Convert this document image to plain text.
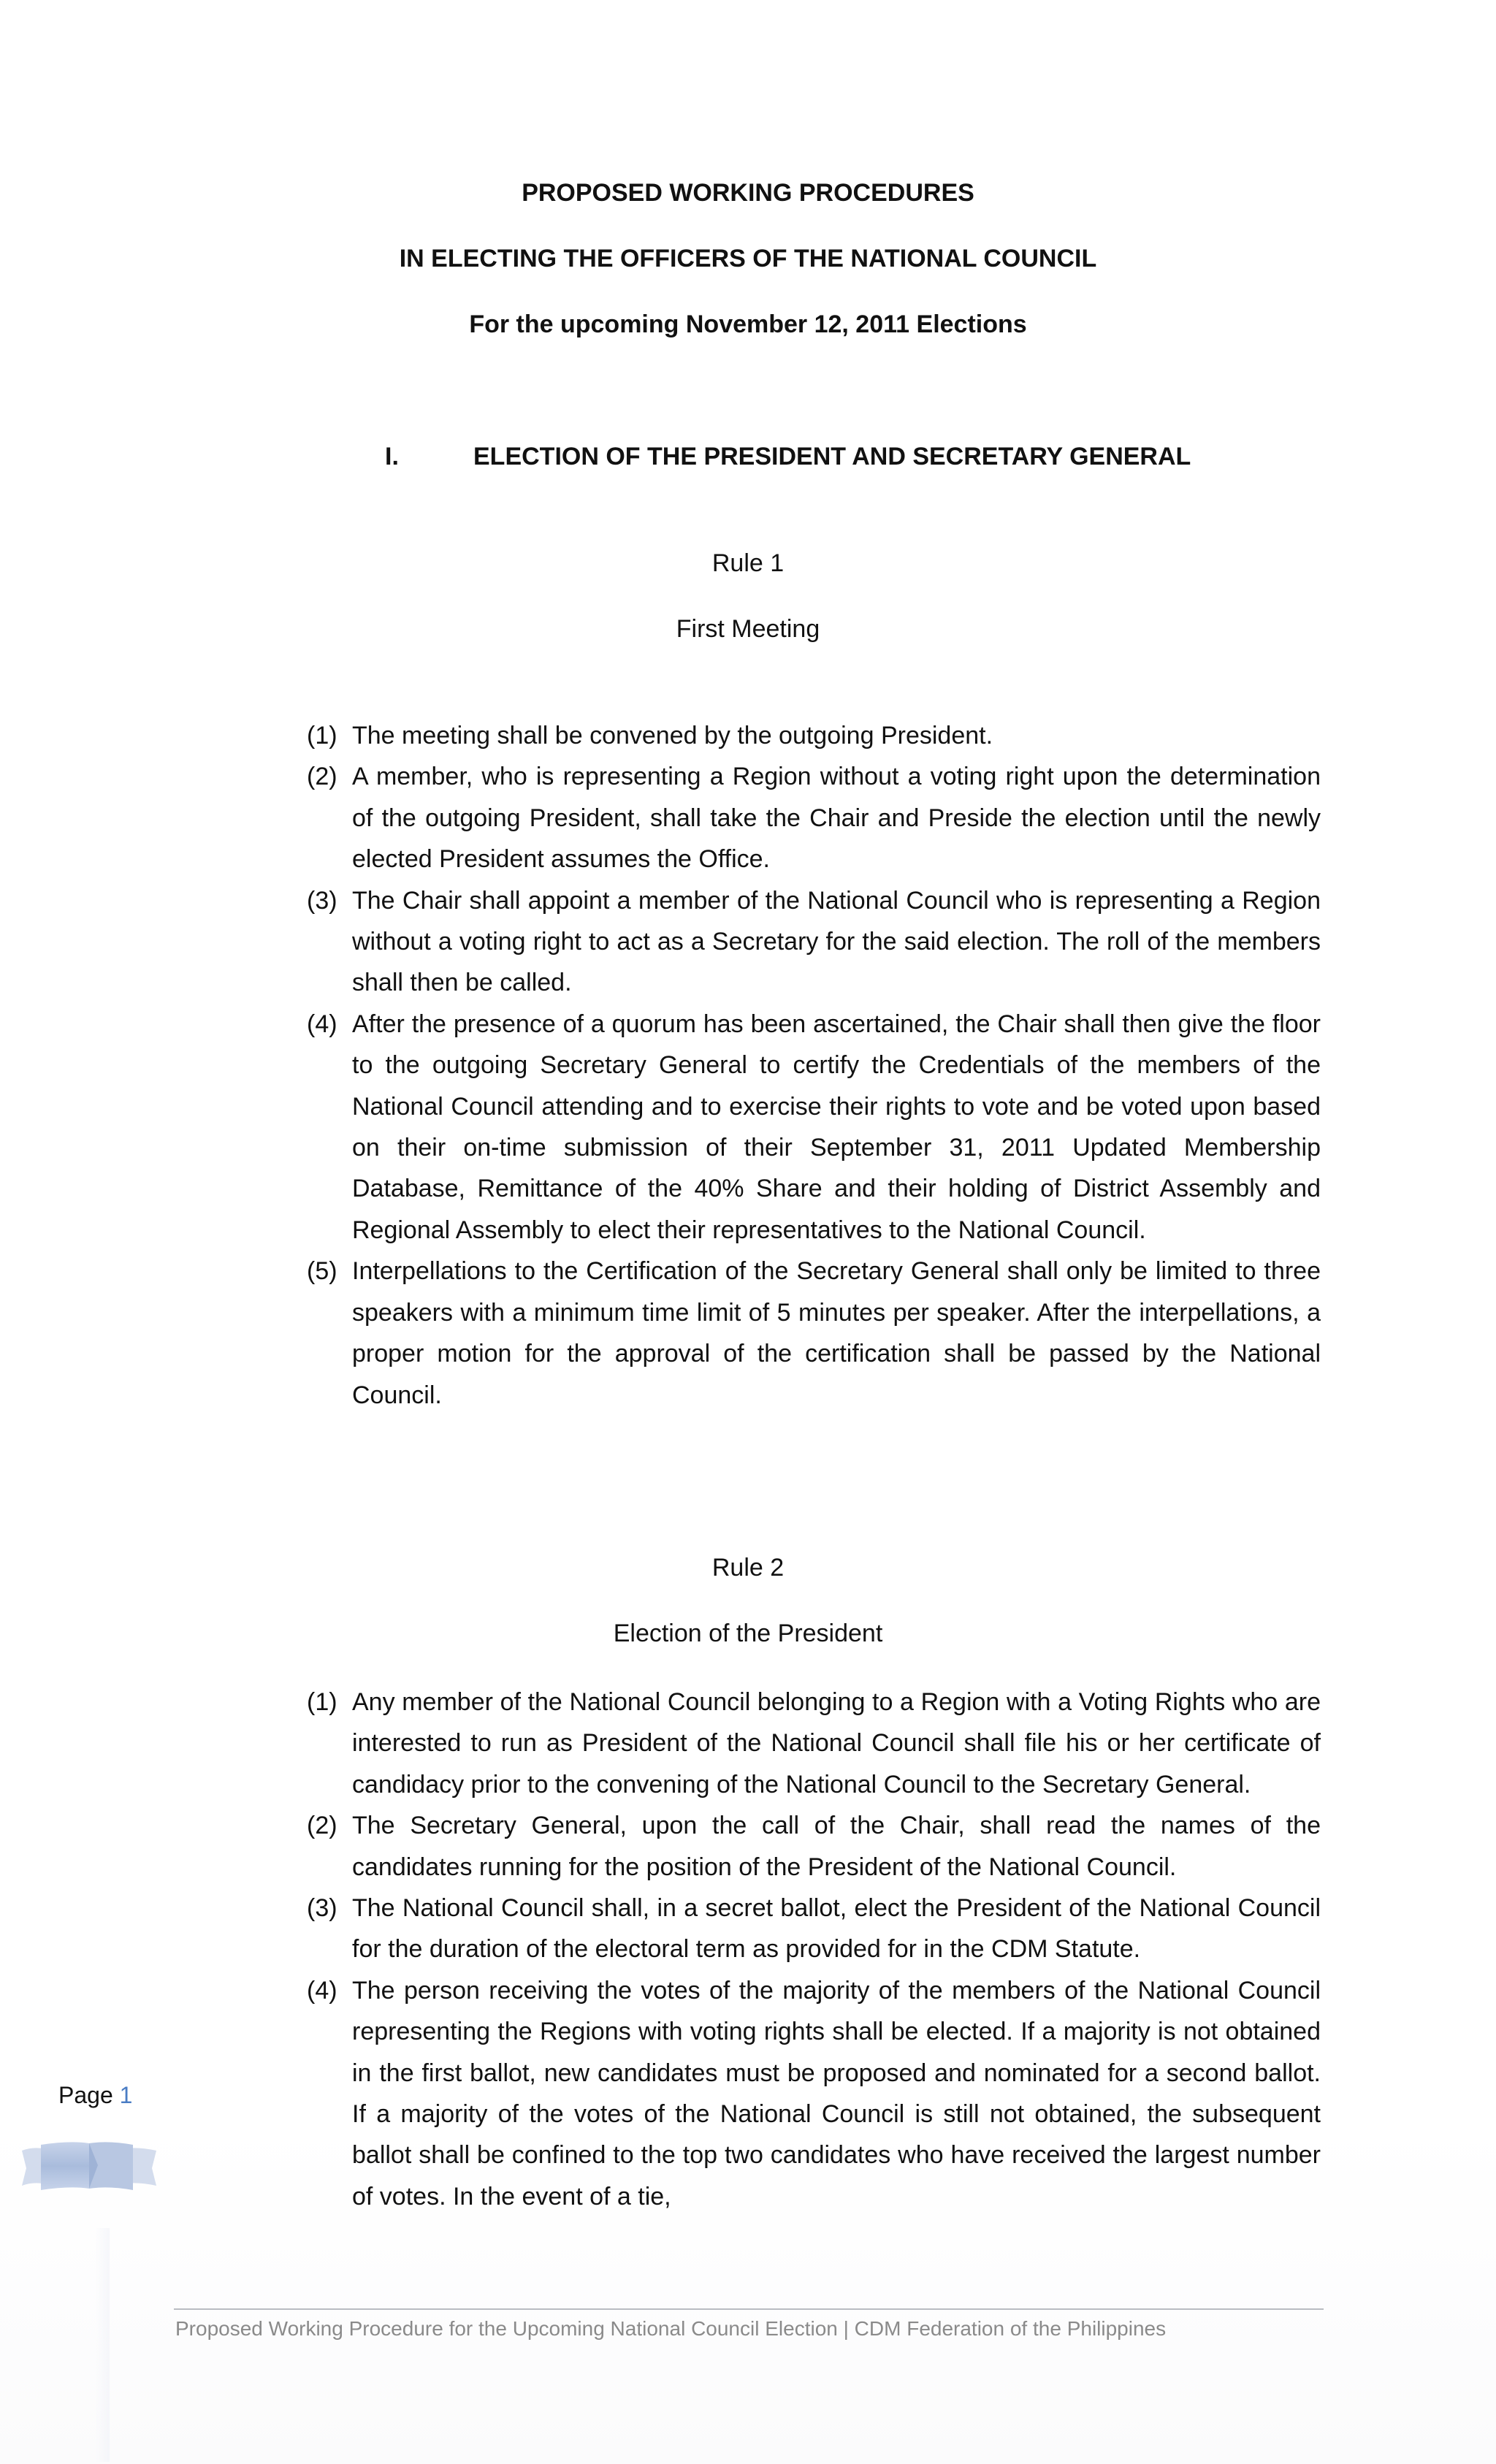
PROPOSED WORKING PROCEDURES
IN ELECTING THE OFFICERS OF THE NATIONAL COUNCIL
For the upcoming November 12, 2011 Elections
I.	ELECTION OF THE PRESIDENT AND SECRETARY GENERAL
Rule 1
First Meeting
(1) The meeting shall be convened by the outgoing President.
(2) A member, who is representing a Region without a voting right upon the determination of the outgoing President, shall take the Chair and Preside the election until the newly elected President assumes the Office.
(3) The Chair shall appoint a member of the National Council who is representing a Region without a voting right to act as a Secretary for the said election. The roll of the members shall then be called.
(4) After the presence of a quorum has been ascertained, the Chair shall then give the floor to the outgoing Secretary General to certify the Credentials of the members of the National Council attending and to exercise their rights to vote and be voted upon based on their on-time submission of their September 31, 2011 Updated Membership Database, Remittance of the 40% Share and their holding of District Assembly and Regional Assembly to elect their representatives to the National Council.
(5) Interpellations to the Certification of the Secretary General shall only be limited to three speakers with a minimum time limit of 5 minutes per speaker. After the interpellations, a proper motion for the approval of the certification shall be passed by the National Council.
Rule 2
Election of the President
(1) Any member of the National Council belonging to a Region with a Voting Rights who are interested to run as President of the National Council shall file his or her certificate of candidacy prior to the convening of the National Council to the Secretary General.
(2) The Secretary General, upon the call of the Chair, shall read the names of the candidates running for the position of the President of the National Council.
(3) The National Council shall, in a secret ballot, elect the President of the National Council for the duration of the electoral term as provided for in the CDM Statute.
(4) The person receiving the votes of the majority of the members of the National Council representing the Regions with voting rights shall be elected. If a majority is not obtained in the first ballot, new candidates must be proposed and nominated for a second ballot. If a majority of the votes of the National Council is still not obtained, the subsequent ballot shall be confined to the top two candidates who have received the largest number of votes. In the event of a tie,
Page 1
Proposed Working Procedure for the Upcoming National Council Election | CDM Federation of the Philippines
